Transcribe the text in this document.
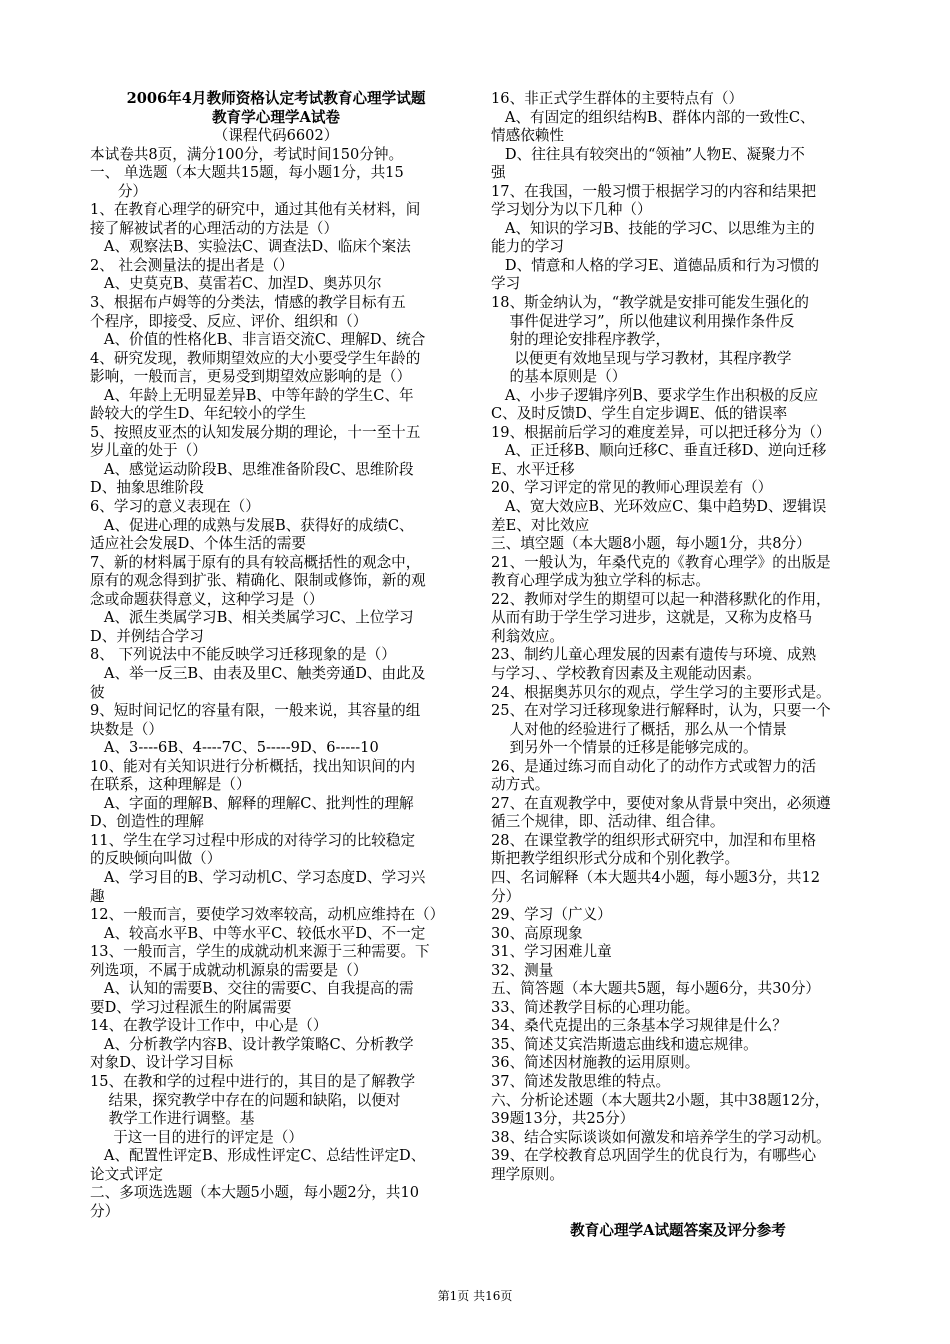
2006年4月教师资格认定考试教育心理学试题
教育学心理学A试卷
（课程代码6602）
本试卷共8页，满分100分，考试时间150分钟。
一、 单选题（本大题共15题，每小题1分，共15
分）
1、在教育心理学的研究中，通过其他有关材料，间
接了解被试者的心理活动的方法是（）
A、观察法B、实验法C、调查法D、临床个案法
2、 社会测量法的提出者是（）
A、史莫克B、莫雷若C、加涅D、奥苏贝尔
3、根据布卢姆等的分类法，情感的教学目标有五
个程序，即接受、反应、评价、组织和（）
A、价值的性格化B、非言语交流C、理解D、统合
4、研究发现，教师期望效应的大小要受学生年龄的
影响，一般而言，更易受到期望效应影响的是（）
A、年龄上无明显差异B、中等年龄的学生C、年
龄较大的学生D、年纪较小的学生
5、按照皮亚杰的认知发展分期的理论，十一至十五
岁儿童的处于（）
A、感觉运动阶段B、思维准备阶段C、思维阶段
D、抽象思维阶段
6、学习的意义表现在（）
A、促进心理的成熟与发展B、获得好的成绩C、
适应社会发展D、个体生活的需要
7、新的材料属于原有的具有较高概括性的观念中，
原有的观念得到扩张、精确化、限制或修饰，新的观
念或命题获得意义，这种学习是（）
A、派生类属学习B、相关类属学习C、上位学习
D、并例结合学习
8、 下列说法中不能反映学习迁移现象的是（）
A、举一反三B、由表及里C、触类旁通D、由此及
彼
9、短时间记忆的容量有限，一般来说，其容量的组
块数是（）
A、3----6B、4----7C、5-----9D、6-----10
10、能对有关知识进行分析概括，找出知识间的内
在联系，这种理解是（）
A、字面的理解B、解释的理解C、批判性的理解
D、创造性的理解
11、学生在学习过程中形成的对待学习的比较稳定
的反映倾向叫做（）
A、学习目的B、学习动机C、学习态度D、学习兴
趣
12、一般而言，要使学习效率较高，动机应维持在（）
A、较高水平B、中等水平C、较低水平D、不一定
13、一般而言，学生的成就动机来源于三种需要。下
列选项，不属于成就动机源泉的需要是（）
A、认知的需要B、交往的需要C、自我提高的需
要D、学习过程派生的附属需要
14、在教学设计工作中，中心是（）
A、分析教学内容B、设计教学策略C、分析教学
对象D、设计学习目标
15、在教和学的过程中进行的，其目的是了解教学
结果，探究教学中存在的问题和缺陷，以便对
教学工作进行调整。基
于这一目的进行的评定是（）
A、配置性评定B、形成性评定C、总结性评定D、
论文式评定
二、多项选选题（本大题5小题，每小题2分，共10
分）
16、非正式学生群体的主要特点有（）
A、有固定的组织结构B、群体内部的一致性C、
情感依赖性
D、往往具有较突出的“领袖”人物E、凝聚力不
强
17、在我国，一般习惯于根据学习的内容和结果把
学习划分为以下几种（）
A、知识的学习B、技能的学习C、以思维为主的
能力的学习
D、情意和人格的学习E、道德品质和行为习惯的
学习
18、斯金纳认为，“教学就是安排可能发生强化的
事件促进学习”，所以他建议利用操作条件反
射的理论安排程序教学，
以便更有效地呈现与学习教材，其程序教学
的基本原则是（）
A、小步子逻辑序列B、要求学生作出积极的反应
C、及时反馈D、学生自定步调E、低的错误率
19、根据前后学习的难度差异，可以把迁移分为（）
A、正迁移B、顺向迁移C、垂直迁移D、逆向迁移
E、水平迁移
20、学习评定的常见的教师心理误差有（）
A、宽大效应B、光环效应C、集中趋势D、逻辑误
差E、对比效应
三、填空题（本大题8小题，每小题1分，共8分）
21、一般认为，年桑代克的《教育心理学》的出版是
教育心理学成为独立学科的标志。
22、教师对学生的期望可以起一种潜移默化的作用，
从而有助于学生学习进步，这就是，又称为皮格马
利翁效应。
23、制约儿童心理发展的因素有遗传与环境、成熟
与学习、、学校教育因素及主观能动因素。
24、根据奥苏贝尔的观点，学生学习的主要形式是。
25、在对学习迁移现象进行解释时，认为，只要一个
人对他的经验进行了概括，那么从一个情景
到另外一个情景的迁移是能够完成的。
26、是通过练习而自动化了的动作方式或智力的活
动方式。
27、在直观教学中，要使对象从背景中突出，必须遵
循三个规律，即、活动律、组合律。
28、在课堂教学的组织形式研究中，加涅和布里格
斯把教学组织形式分成和个别化教学。
四、名词解释（本大题共4小题，每小题3分，共12
分）
29、学习（广义）
30、高原现象
31、学习困难儿童
32、测量
五、简答题（本大题共5题，每小题6分，共30分）
33、简述教学目标的心理功能。
34、桑代克提出的三条基本学习规律是什么？
35、简述艾宾浩斯遗忘曲线和遗忘规律。
36、简述因材施教的运用原则。
37、简述发散思维的特点。
六、分析论述题（本大题共2小题，其中38题12分，
39题13分，共25分）
38、结合实际谈谈如何激发和培养学生的学习动机。
39、在学校教育总巩固学生的优良行为，有哪些心
理学原则。
教育心理学A试题答案及评分参考
第1页 共16页
